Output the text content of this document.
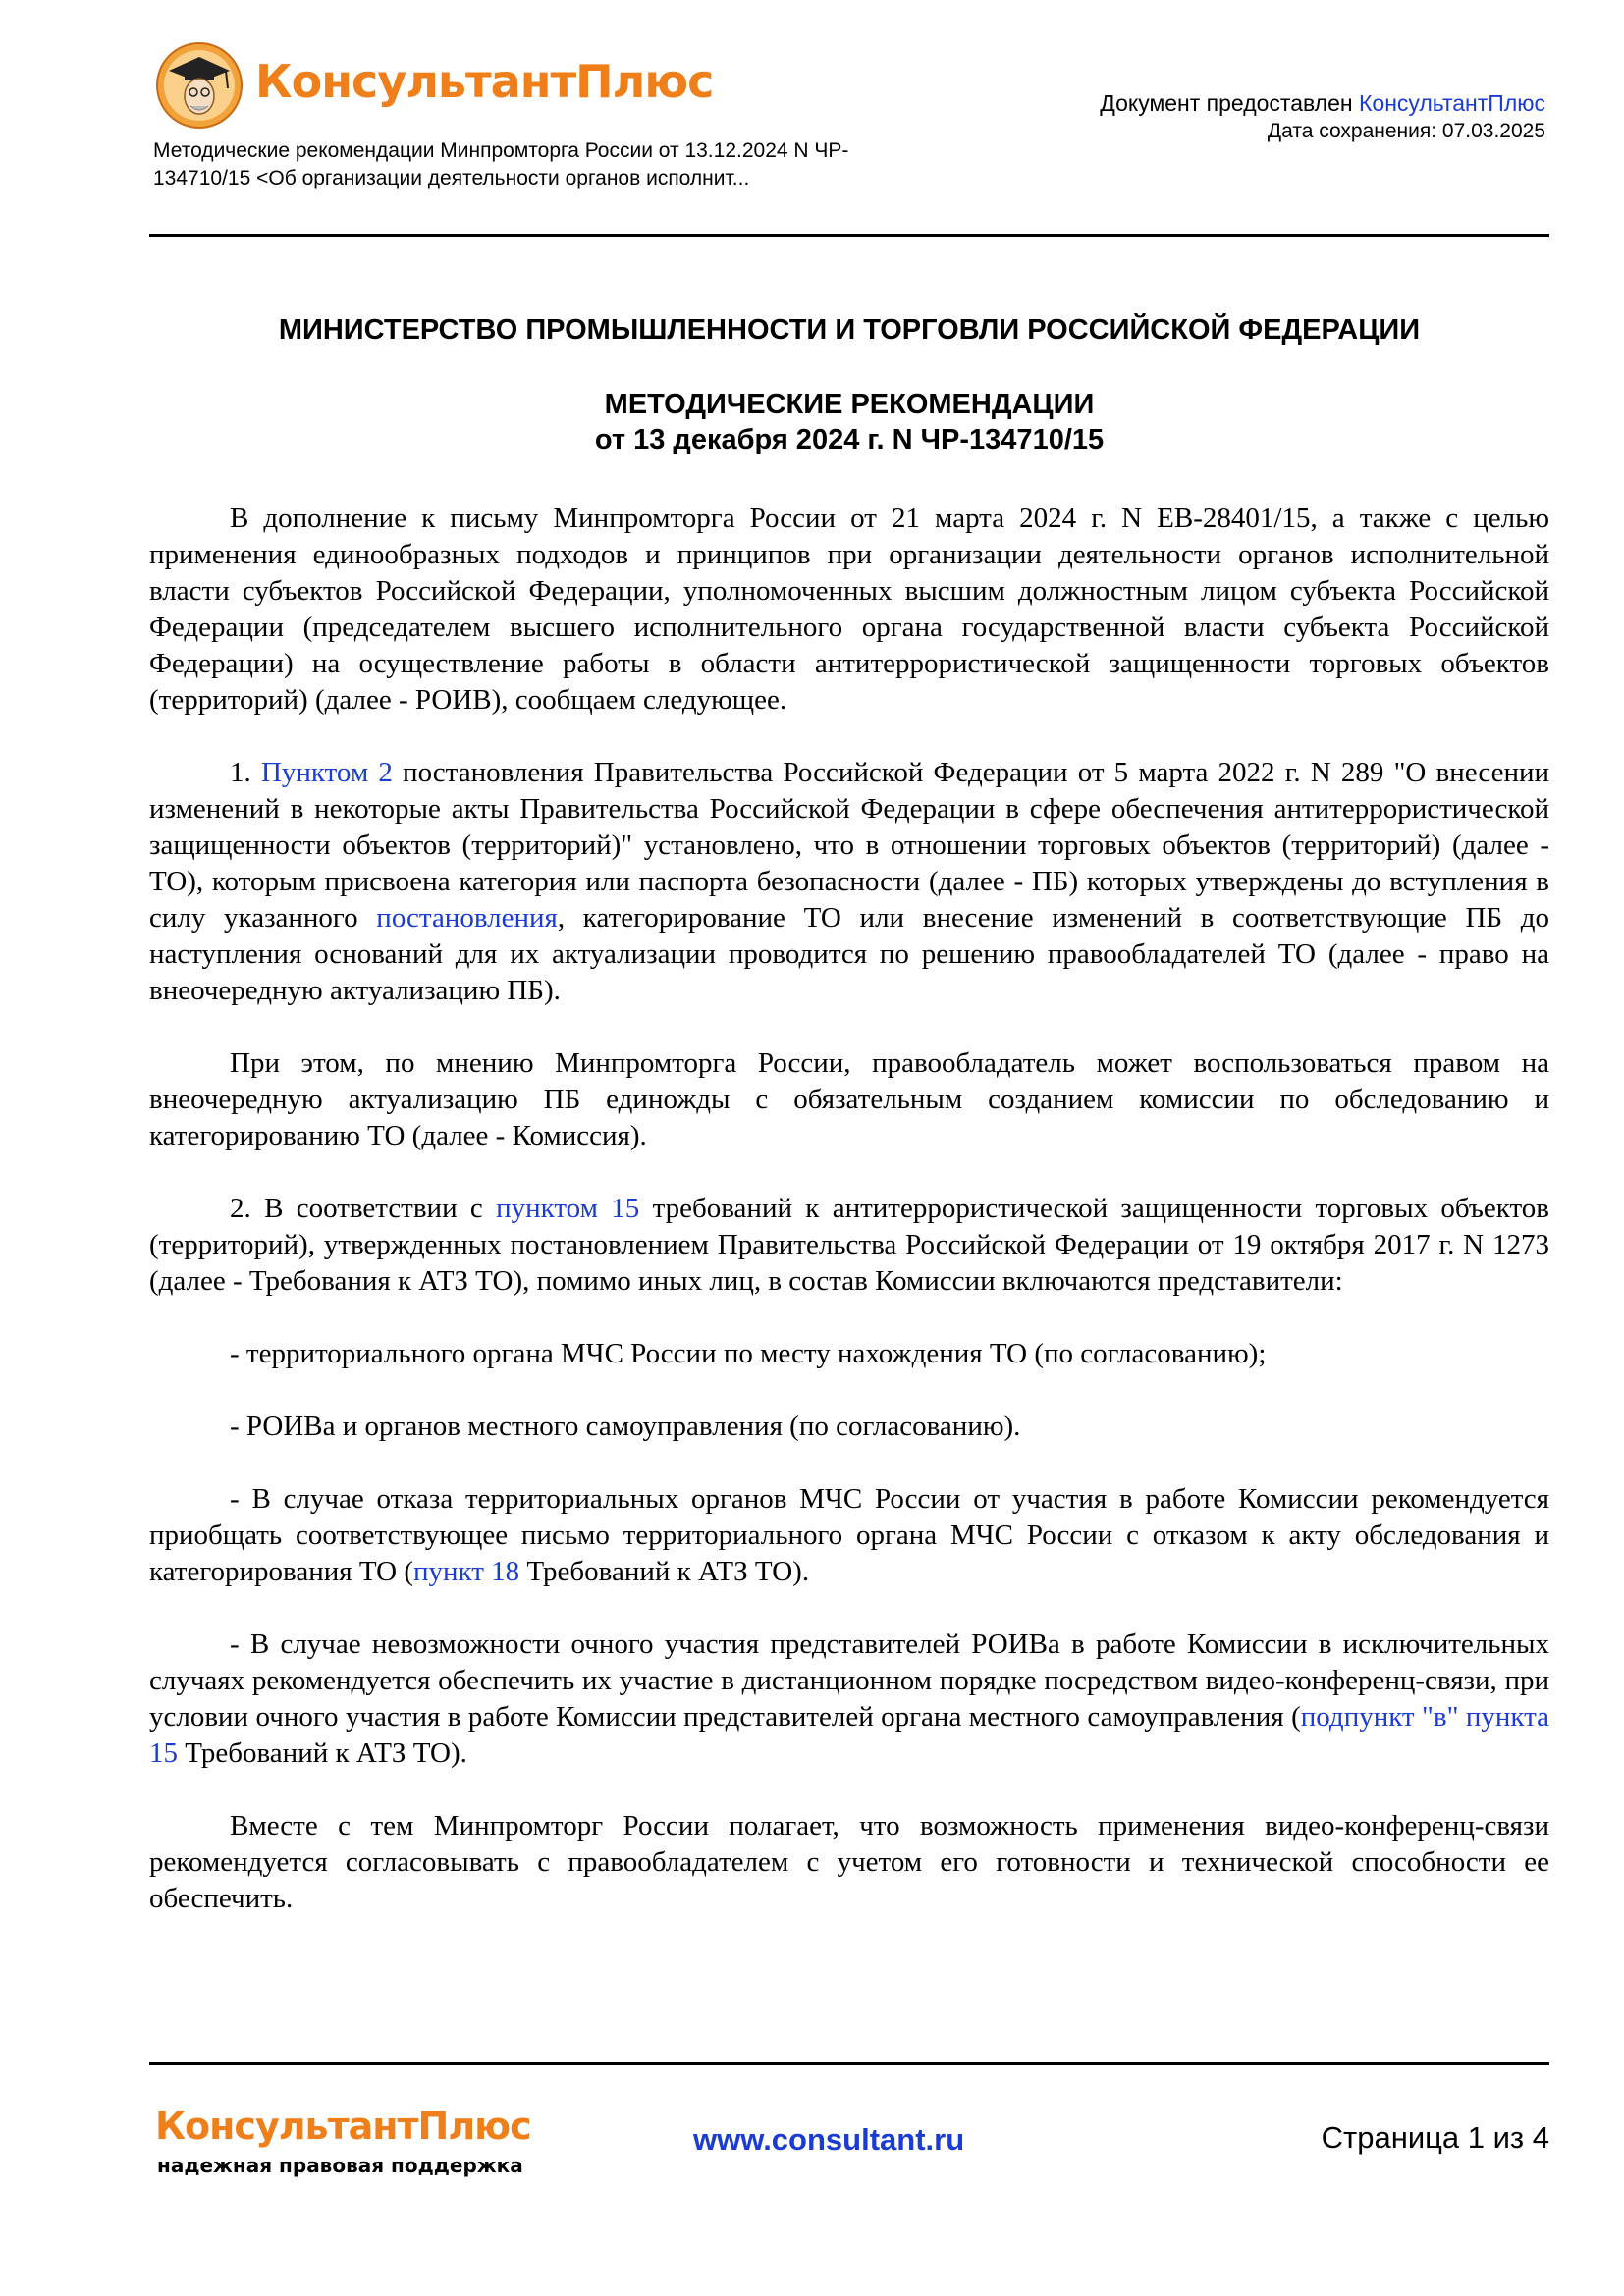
КонсультантПлюс
Методические рекомендации Минпромторга России от 13.12.2024 N ЧР-
134710/15 <Об организации деятельности органов исполнит...
Документ предоставлен КонсультантПлюс
Дата сохранения: 07.03.2025
МИНИСТЕРСТВО ПРОМЫШЛЕННОСТИ И ТОРГОВЛИ РОССИЙСКОЙ ФЕДЕРАЦИИ
МЕТОДИЧЕСКИЕ РЕКОМЕНДАЦИИ
от 13 декабря 2024 г. N ЧР-134710/15

В дополнение к письму Минпромторга России от 21 марта 2024 г. N ЕВ-28401/15, а также с целью применения единообразных подходов и принципов при организации деятельности органов исполнительной власти субъектов Российской Федерации, уполномоченных высшим должностным лицом субъекта Российской Федерации (председателем высшего исполнительного органа государственной власти субъекта Российской Федерации) на осуществление работы в области антитеррористической защищенности торговых объектов (территорий) (далее - РОИВ), сообщаем следующее.

1. Пунктом 2 постановления Правительства Российской Федерации от 5 марта 2022 г. N 289 "О внесении изменений в некоторые акты Правительства Российской Федерации в сфере обеспечения антитеррористической защищенности объектов (территорий)" установлено, что в отношении торговых объектов (территорий) (далее - ТО), которым присвоена категория или паспорта безопасности (далее - ПБ) которых утверждены до вступления в силу указанного постановления, категорирование ТО или внесение изменений в соответствующие ПБ до наступления оснований для их актуализации проводится по решению правообладателей ТО (далее - право на внеочередную актуализацию ПБ).

При этом, по мнению Минпромторга России, правообладатель может воспользоваться правом на внеочередную актуализацию ПБ единожды с обязательным созданием комиссии по обследованию и категорированию ТО (далее - Комиссия).

2. В соответствии с пунктом 15 требований к антитеррористической защищенности торговых объектов (территорий), утвержденных постановлением Правительства Российской Федерации от 19 октября 2017 г. N 1273 (далее - Требования к АТЗ ТО), помимо иных лиц, в состав Комиссии включаются представители:

- территориального органа МЧС России по месту нахождения ТО (по согласованию);

- РОИВа и органов местного самоуправления (по согласованию).

- В случае отказа территориальных органов МЧС России от участия в работе Комиссии рекомендуется приобщать соответствующее письмо территориального органа МЧС России с отказом к акту обследования и категорирования ТО (пункт 18 Требований к АТЗ ТО).

- В случае невозможности очного участия представителей РОИВа в работе Комиссии в исключительных случаях рекомендуется обеспечить их участие в дистанционном порядке посредством видео-конференц-связи, при условии очного участия в работе Комиссии представителей органа местного самоуправления (подпункт "в" пункта 15 Требований к АТЗ ТО).

Вместе с тем Минпромторг России полагает, что возможность применения видео-конференц-связи рекомендуется согласовывать с правообладателем с учетом его готовности и технической способности ее обеспечить.

КонсультантПлюс
надежная правовая поддержка
www.consultant.ru	Страница 1 из 4
